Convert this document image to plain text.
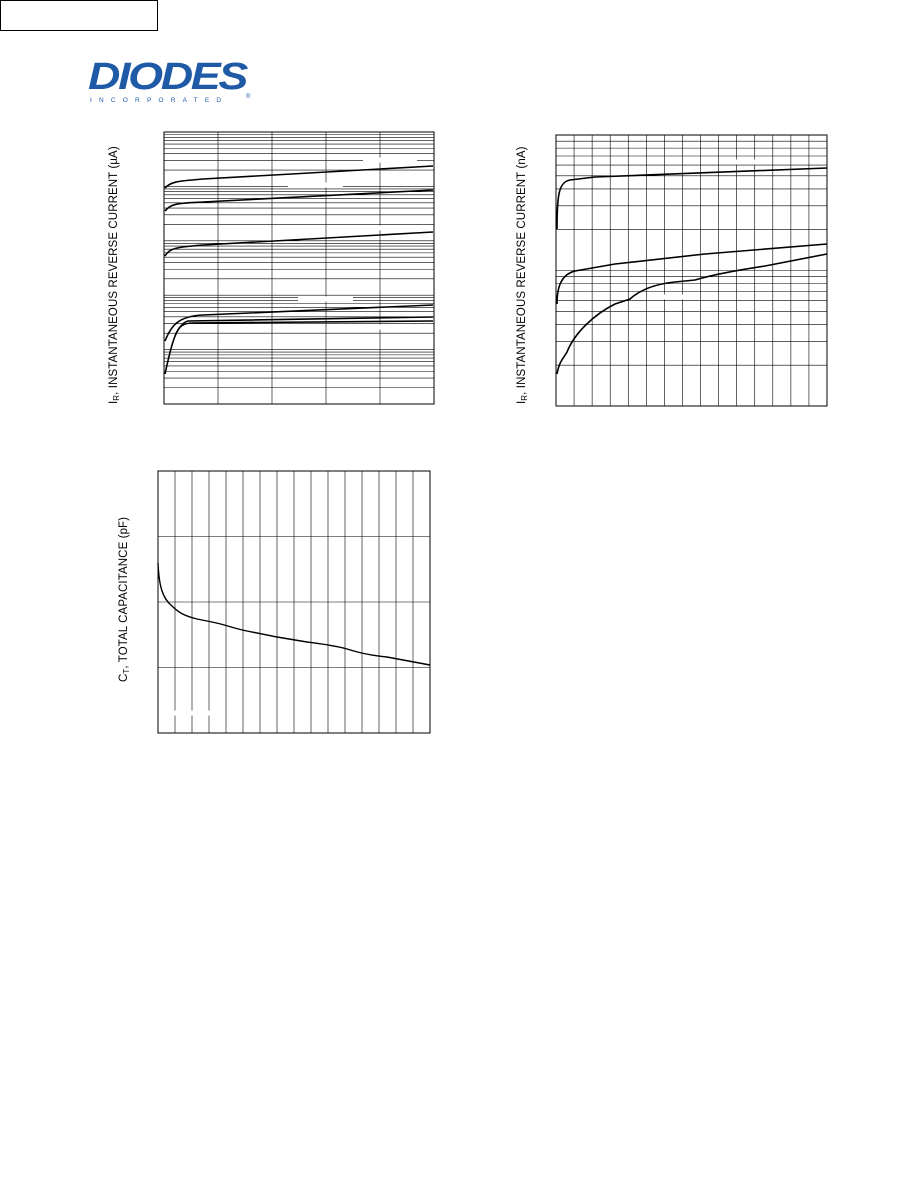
DIODES
INCORPORATED	®
$I_R$, INSTANTANEOUS REVERSE CURRENT (µA)
$I_R$, INSTANTANEOUS REVERSE CURRENT (nA)
$C_T$, TOTAL CAPACITANCE (pF)
